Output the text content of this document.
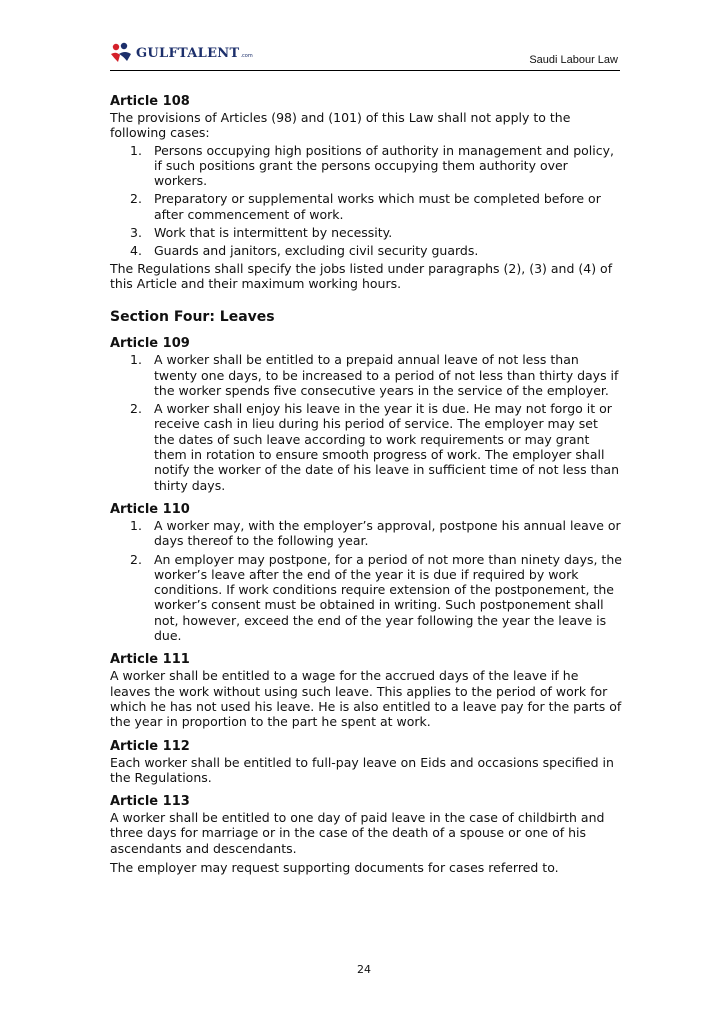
GULFTALENT .com	Saudi Labour Law
Article 108

The provisions of Articles (98) and (101) of this Law shall not apply to the following cases:

1. Persons occupying high positions of authority in management and policy, if such positions grant the persons occupying them authority over workers.
2. Preparatory or supplemental works which must be completed before or after commencement of work.
3. Work that is intermittent by necessity.
4. Guards and janitors, excluding civil security guards.

The Regulations shall specify the jobs listed under paragraphs (2), (3) and (4) of this Article and their maximum working hours.

Section Four: Leaves
Article 109
1. A worker shall be entitled to a prepaid annual leave of not less than twenty one days, to be increased to a period of not less than thirty days if the worker spends five consecutive years in the service of the employer.
2. A worker shall enjoy his leave in the year it is due. He may not forgo it or receive cash in lieu during his period of service. The employer may set the dates of such leave according to work requirements or may grant them in rotation to ensure smooth progress of work. The employer shall notify the worker of the date of his leave in sufficient time of not less than thirty days.
Article 110
1. A worker may, with the employer’s approval, postpone his annual leave or days thereof to the following year.
2. An employer may postpone, for a period of not more than ninety days, the worker’s leave after the end of the year it is due if required by work conditions. If work conditions require extension of the postponement, the worker’s consent must be obtained in writing. Such postponement shall not, however, exceed the end of the year following the year the leave is due.
Article 111

A worker shall be entitled to a wage for the accrued days of the leave if he leaves the work without using such leave. This applies to the period of work for which he has not used his leave. He is also entitled to a leave pay for the parts of the year in proportion to the part he spent at work.

Article 112

Each worker shall be entitled to full-pay leave on Eids and occasions specified in the Regulations.

Article 113

A worker shall be entitled to one day of paid leave in the case of childbirth and three days for marriage or in the case of the death of a spouse or one of his ascendants and descendants.

The employer may request supporting documents for cases referred to.

24
